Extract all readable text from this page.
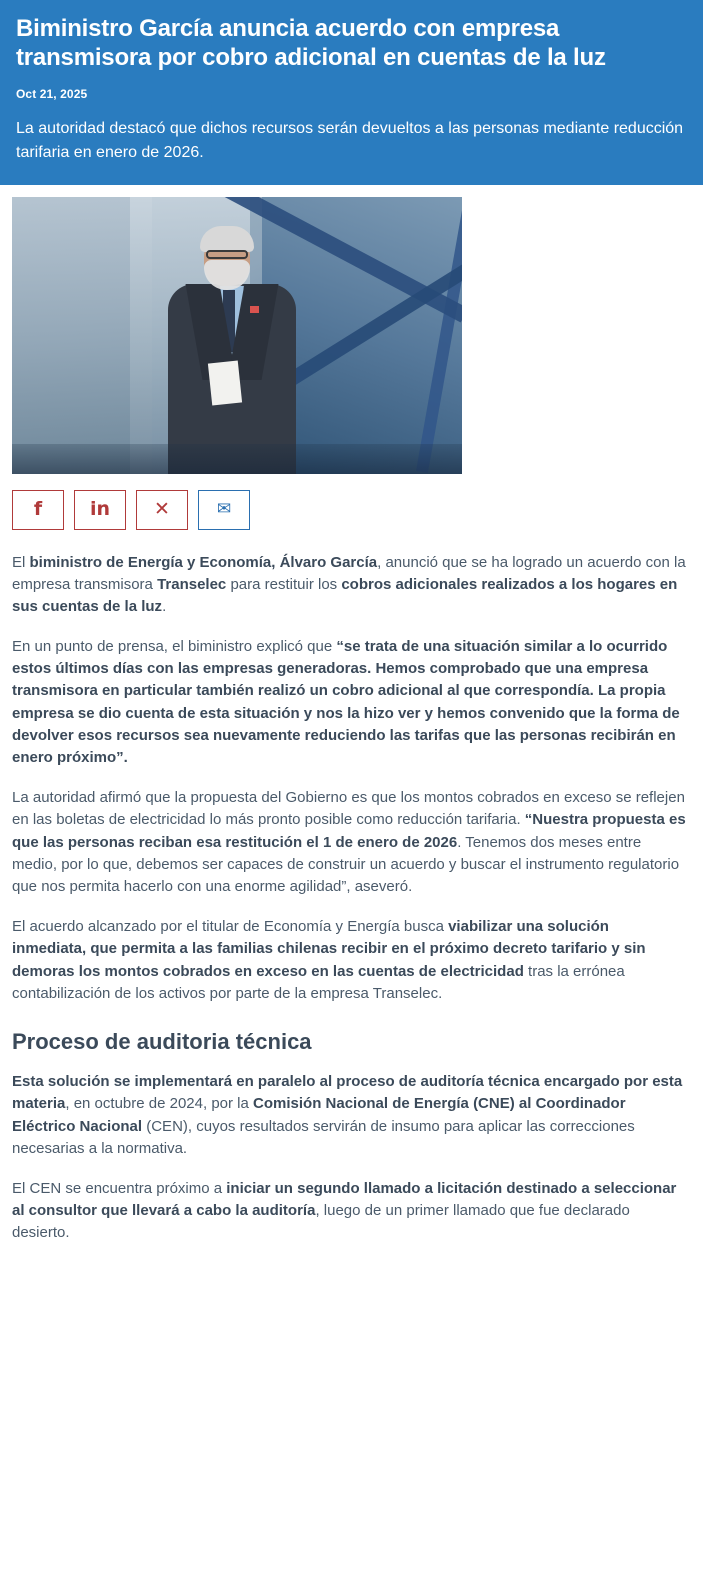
Biministro García anuncia acuerdo con empresa transmisora por cobro adicional en cuentas de la luz
Oct 21, 2025

La autoridad destacó que dichos recursos serán devueltos a las personas mediante reducción tarifaria en enero de 2026.

f	in ✕	✉

El biministro de Energía y Economía, Álvaro García, anunció que se ha logrado un acuerdo con la empresa transmisora Transelec para restituir los cobros adicionales realizados a los hogares en sus cuentas de la luz.

En un punto de prensa, el biministro explicó que “se trata de una situación similar a lo ocurrido estos últimos días con las empresas generadoras. Hemos comprobado que una empresa transmisora en particular también realizó un cobro adicional al que correspondía. La propia empresa se dio cuenta de esta situación y nos la hizo ver y hemos convenido que la forma de devolver esos recursos sea nuevamente reduciendo las tarifas que las personas recibirán en enero próximo”.

La autoridad afirmó que la propuesta del Gobierno es que los montos cobrados en exceso se reflejen en las boletas de electricidad lo más pronto posible como reducción tarifaria. “Nuestra propuesta es que las personas reciban esa restitución el 1 de enero de 2026. Tenemos dos meses entre medio, por lo que, debemos ser capaces de construir un acuerdo y buscar el instrumento regulatorio que nos permita hacerlo con una enorme agilidad”, aseveró.

El acuerdo alcanzado por el titular de Economía y Energía busca viabilizar una solución inmediata, que permita a las familias chilenas recibir en el próximo decreto tarifario y sin demoras los montos cobrados en exceso en las cuentas de electricidad tras la errónea contabilización de los activos por parte de la empresa Transelec.

Proceso de auditoria técnica

Esta solución se implementará en paralelo al proceso de auditoría técnica encargado por esta materia, en octubre de 2024, por la Comisión Nacional de Energía (CNE) al Coordinador Eléctrico Nacional (CEN), cuyos resultados servirán de insumo para aplicar las correcciones necesarias a la normativa.

El CEN se encuentra próximo a iniciar un segundo llamado a licitación destinado a seleccionar al consultor que llevará a cabo la auditoría, luego de un primer llamado que fue declarado desierto.
